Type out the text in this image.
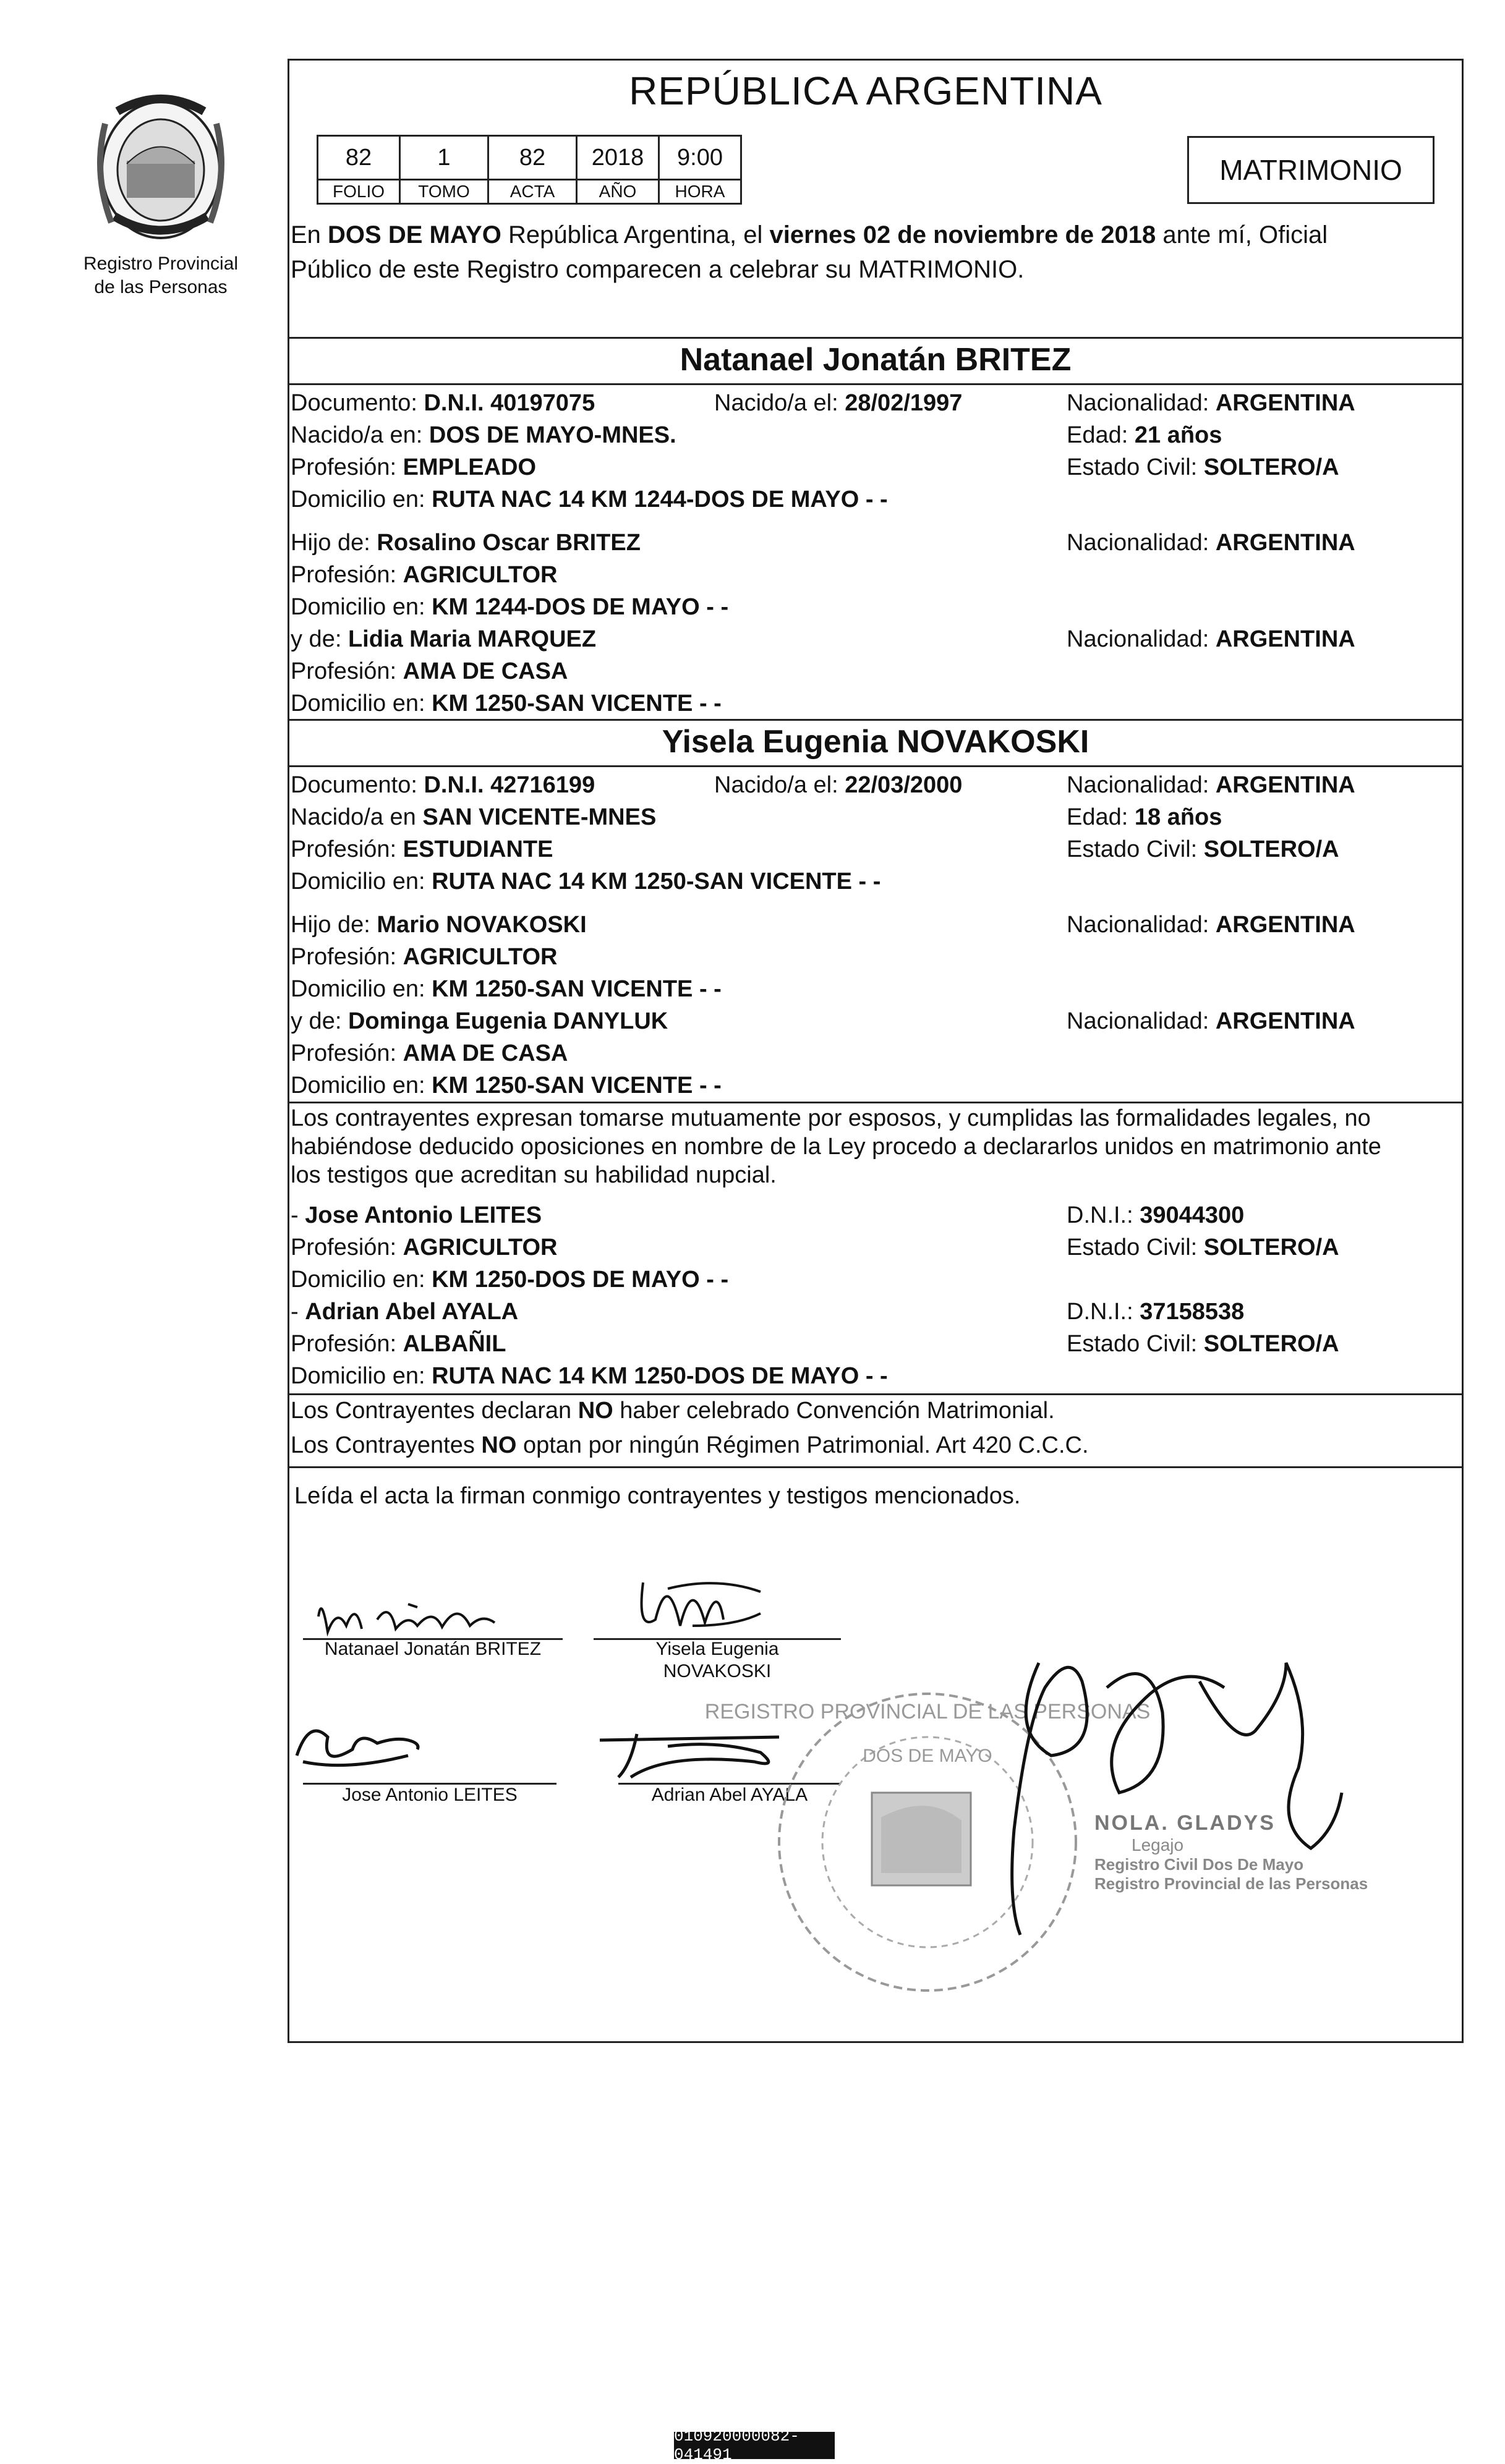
Registro Provincial
de las Personas
REPÚBLICA ARGENTINA
82	1	82	2018	9:00
FOLIO	TOMO	ACTA	AÑO	HORA
MATRIMONIO
En DOS DE MAYO República Argentina, el viernes 02 de noviembre de 2018 ante mí, Oficial
Público de este Registro comparecen a celebrar su MATRIMONIO.
Natanael Jonatán BRITEZ
Documento: D.N.I. 40197075	Nacido/a el: 28/02/1997	Nacionalidad: ARGENTINA
Nacido/a en: DOS DE MAYO-MNES.	Edad: 21 años
Profesión: EMPLEADO	Estado Civil: SOLTERO/A
Domicilio en: RUTA NAC 14 KM 1244-DOS DE MAYO - -
Hijo de: Rosalino Oscar BRITEZ	Nacionalidad: ARGENTINA
Profesión: AGRICULTOR
Domicilio en: KM 1244-DOS DE MAYO - -
y de: Lidia Maria MARQUEZ	Nacionalidad: ARGENTINA
Profesión: AMA DE CASA
Domicilio en: KM 1250-SAN VICENTE - -
Yisela Eugenia NOVAKOSKI
Documento: D.N.I. 42716199	Nacido/a el: 22/03/2000	Nacionalidad: ARGENTINA
Nacido/a en SAN VICENTE-MNES	Edad: 18 años
Profesión: ESTUDIANTE	Estado Civil: SOLTERO/A
Domicilio en: RUTA NAC 14 KM 1250-SAN VICENTE - -
Hijo de: Mario NOVAKOSKI	Nacionalidad: ARGENTINA
Profesión: AGRICULTOR
Domicilio en: KM 1250-SAN VICENTE - -
y de: Dominga Eugenia DANYLUK	Nacionalidad: ARGENTINA
Profesión: AMA DE CASA
Domicilio en: KM 1250-SAN VICENTE - -
Los contrayentes expresan tomarse mutuamente por esposos, y cumplidas las formalidades legales, no
habiéndose deducido oposiciones en nombre de la Ley procedo a declararlos unidos en matrimonio ante
los testigos que acreditan su habilidad nupcial.
- Jose Antonio LEITES	D.N.I.: 39044300
Profesión: AGRICULTOR	Estado Civil: SOLTERO/A
Domicilio en: KM 1250-DOS DE MAYO - -
- Adrian Abel AYALA	D.N.I.: 37158538
Profesión: ALBAÑIL	Estado Civil: SOLTERO/A
Domicilio en: RUTA NAC 14 KM 1250-DOS DE MAYO - -
Los Contrayentes declaran NO haber celebrado Convención Matrimonial.
Los Contrayentes NO optan por ningún Régimen Patrimonial. Art 420 C.C.C.
Leída el acta la firman conmigo contrayentes y testigos mencionados.
Natanael Jonatán BRITEZ	Yisela Eugenia
NOVAKOSKI
Jose Antonio LEITES	Adrian Abel AYALA
REGISTRO PROVINCIAL DE LAS PERSONAS
DOS DE MAYO
NOLA. GLADYS
Legajo
Registro Civil Dos De Mayo
Registro Provincial de las Personas
010920000082-041491
